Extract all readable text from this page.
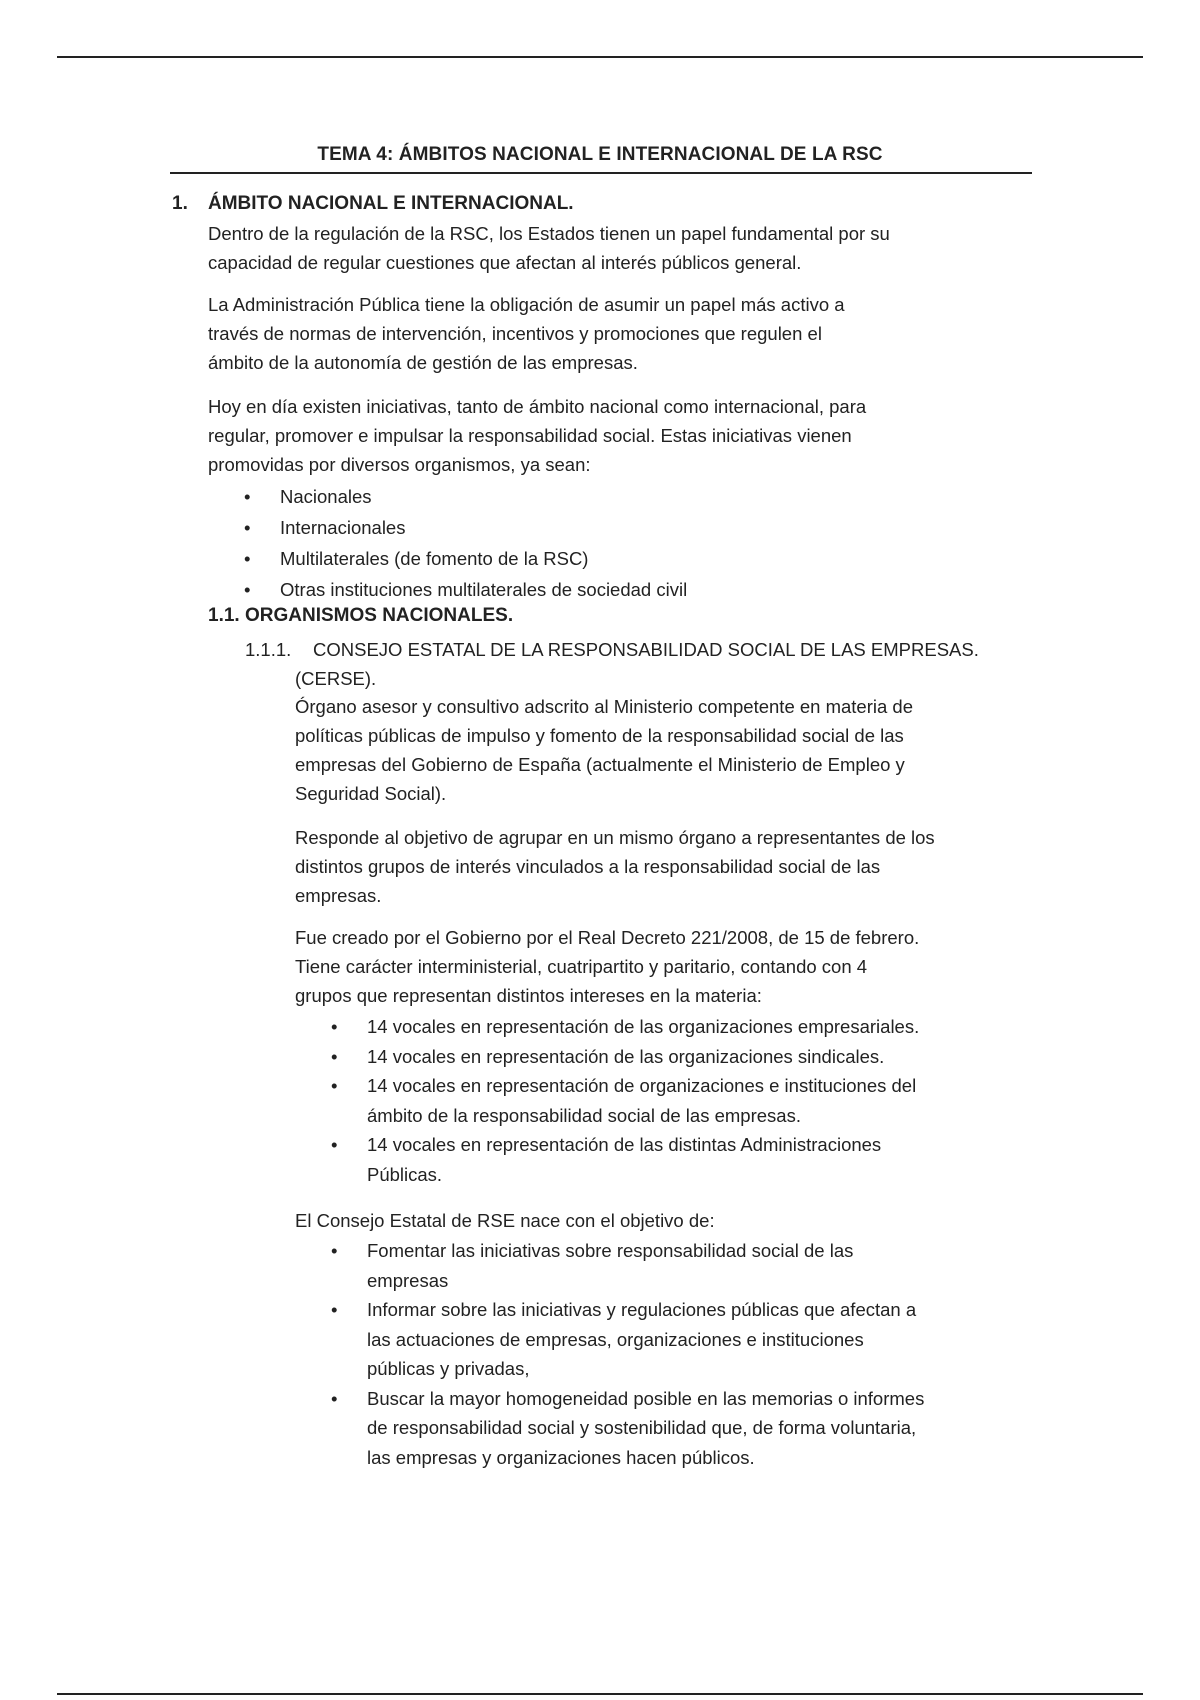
TEMA 4: ÁMBITOS NACIONAL E INTERNACIONAL DE LA RSC
1. ÁMBITO NACIONAL E INTERNACIONAL.

Dentro de la regulación de la RSC, los Estados tienen un papel fundamental por su

capacidad de regular cuestiones que afectan al interés públicos general.

La Administración Pública tiene la obligación de asumir un papel más activo a

través de normas de intervención, incentivos y promociones que regulen el

ámbito de la autonomía de gestión de las empresas.

Hoy en día existen iniciativas, tanto de ámbito nacional como internacional, para

regular, promover e impulsar la responsabilidad social. Estas iniciativas vienen

promovidas por diversos organismos, ya sean:

• Nacionales
• Internacionales
• Multilaterales (de fomento de la RSC)
• Otras instituciones multilaterales de sociedad civil
1.1. ORGANISMOS NACIONALES.
1.1.1. CONSEJO ESTATAL DE LA RESPONSABILIDAD SOCIAL DE LAS EMPRESAS.

(CERSE).

Órgano asesor y consultivo adscrito al Ministerio competente en materia de

políticas públicas de impulso y fomento de la responsabilidad social de las

empresas del Gobierno de España (actualmente el Ministerio de Empleo y

Seguridad Social).

Responde al objetivo de agrupar en un mismo órgano a representantes de los

distintos grupos de interés vinculados a la responsabilidad social de las

empresas.

Fue creado por el Gobierno por el Real Decreto 221/2008, de 15 de febrero.

Tiene carácter interministerial, cuatripartito y paritario, contando con 4

grupos que representan distintos intereses en la materia:

• 14 vocales en representación de las organizaciones empresariales.
• 14 vocales en representación de las organizaciones sindicales.
• 14 vocales en representación de organizaciones e instituciones del
ámbito de la responsabilidad social de las empresas.
• 14 vocales en representación de las distintas Administraciones
Públicas.

El Consejo Estatal de RSE nace con el objetivo de:

• Fomentar las iniciativas sobre responsabilidad social de las
empresas
• Informar sobre las iniciativas y regulaciones públicas que afectan a
las actuaciones de empresas, organizaciones e instituciones
públicas y privadas,
• Buscar la mayor homogeneidad posible en las memorias o informes
de responsabilidad social y sostenibilidad que, de forma voluntaria,
las empresas y organizaciones hacen públicos.
